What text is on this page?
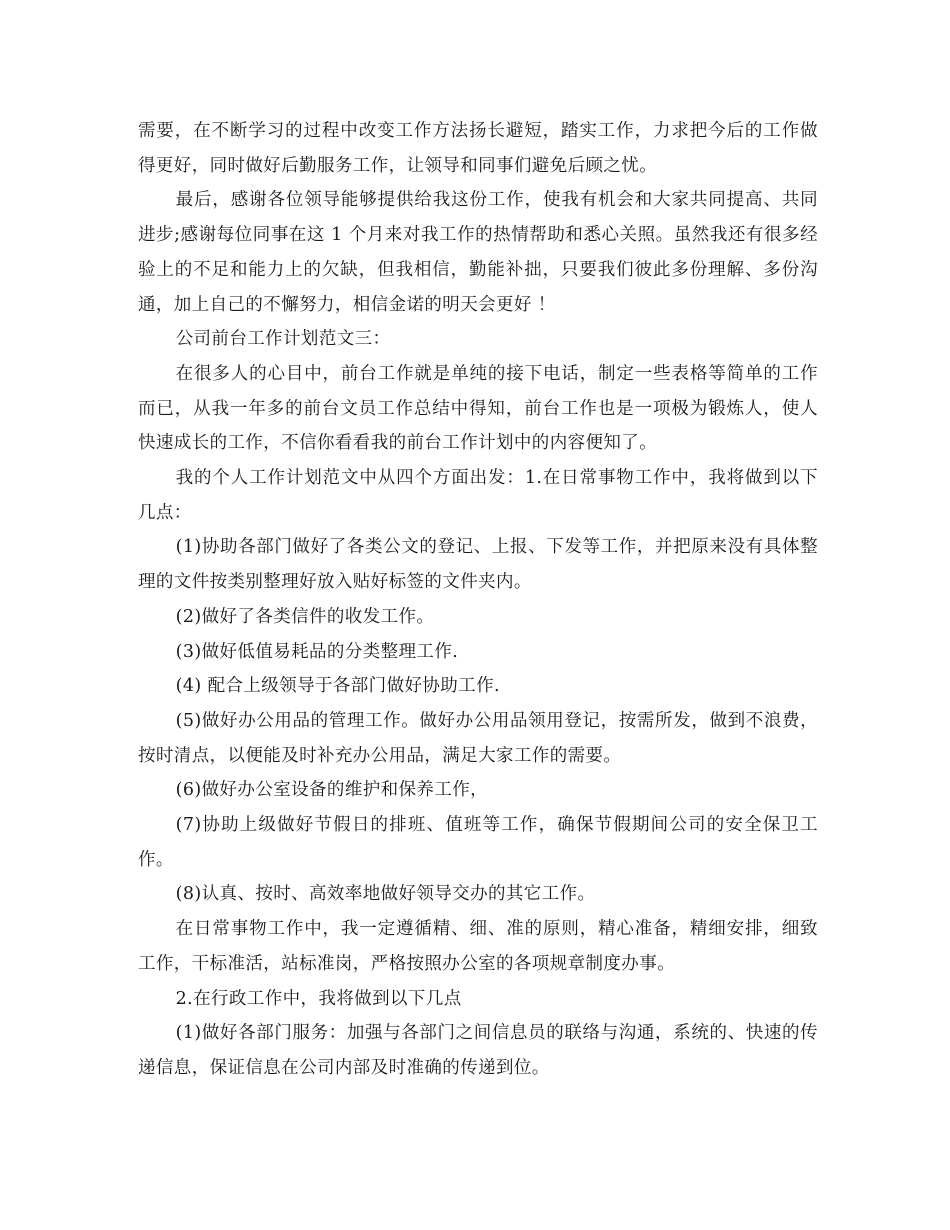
需要，在不断学习的过程中改变工作方法扬长避短，踏实工作，力求把今后的工作做得更好，同时做好后勤服务工作，让领导和同事们避免后顾之忧。

最后，感谢各位领导能够提供给我这份工作，使我有机会和大家共同提高、共同进步;感谢每位同事在这 1 个月来对我工作的热情帮助和悉心关照。虽然我还有很多经验上的不足和能力上的欠缺，但我相信，勤能补拙，只要我们彼此多份理解、多份沟通，加上自己的不懈努力，相信金诺的明天会更好 ！

公司前台工作计划范文三：

在很多人的心目中，前台工作就是单纯的接下电话，制定一些表格等简单的工作而已，从我一年多的前台文员工作总结中得知，前台工作也是一项极为锻炼人，使人快速成长的工作，不信你看看我的前台工作计划中的内容便知了。

我的个人工作计划范文中从四个方面出发：1.在日常事物工作中，我将做到以下几点：

(1)协助各部门做好了各类公文的登记、上报、下发等工作，并把原来没有具体整理的文件按类别整理好放入贴好标签的文件夹内。

(2)做好了各类信件的收发工作。

(3)做好低值易耗品的分类整理工作.

(4) 配合上级领导于各部门做好协助工作.

(5)做好办公用品的管理工作。做好办公用品领用登记，按需所发，做到不浪费，按时清点，以便能及时补充办公用品，满足大家工作的需要。

(6)做好办公室设备的维护和保养工作，

(7)协助上级做好节假日的排班、值班等工作，确保节假期间公司的安全保卫工作。

(8)认真、按时、高效率地做好领导交办的其它工作。

在日常事物工作中，我一定遵循精、细、准的原则，精心准备，精细安排，细致工作，干标准活，站标准岗，严格按照办公室的各项规章制度办事。

2.在行政工作中，我将做到以下几点

(1)做好各部门服务：加强与各部门之间信息员的联络与沟通，系统的、快速的传递信息，保证信息在公司内部及时准确的传递到位。
